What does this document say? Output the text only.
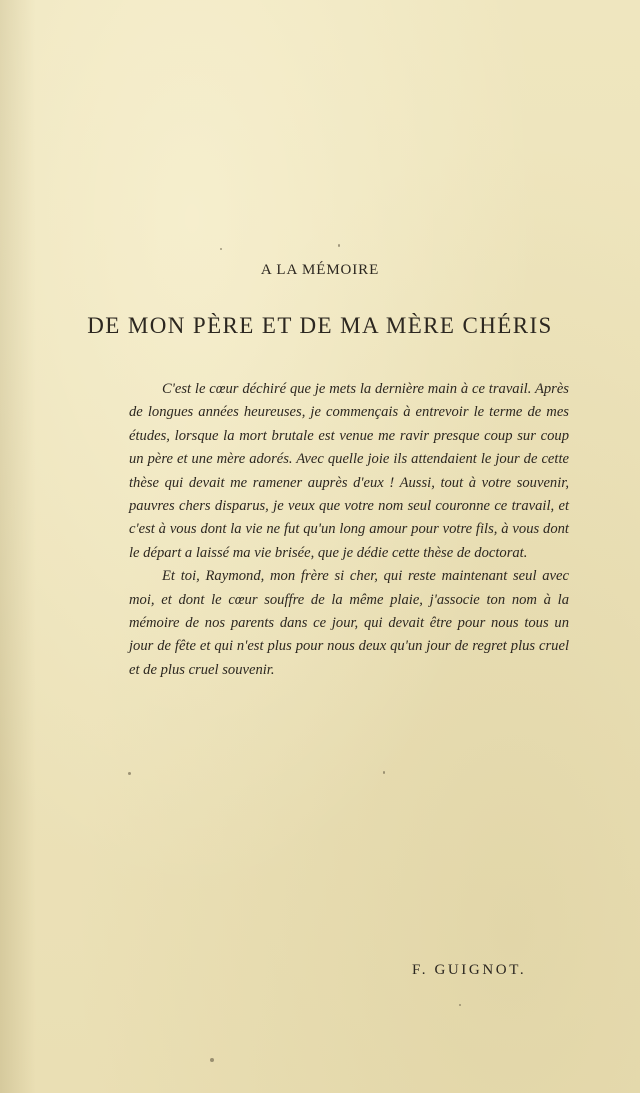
A LA MÉMOIRE
DE MON PÈRE ET DE MA MÈRE CHÉRIS

C'est le cœur déchiré que je mets la dernière main à ce travail. Après de longues années heureuses, je commençais à entrevoir le terme de mes études, lorsque la mort brutale est venue me ravir presque coup sur coup un père et une mère adorés. Avec quelle joie ils attendaient le jour de cette thèse qui devait me ramener auprès d'eux ! Aussi, tout à votre souvenir, pauvres chers disparus, je veux que votre nom seul couronne ce travail, et c'est à vous dont la vie ne fut qu'un long amour pour votre fils, à vous dont le départ a laissé ma vie brisée, que je dédie cette thèse de doctorat.

Et toi, Raymond, mon frère si cher, qui reste maintenant seul avec moi, et dont le cœur souffre de la même plaie, j'associe ton nom à la mémoire de nos parents dans ce jour, qui devait être pour nous tous un jour de fête et qui n'est plus pour nous deux qu'un jour de regret plus cruel et de plus cruel souvenir.

F. GUIGNOT.
